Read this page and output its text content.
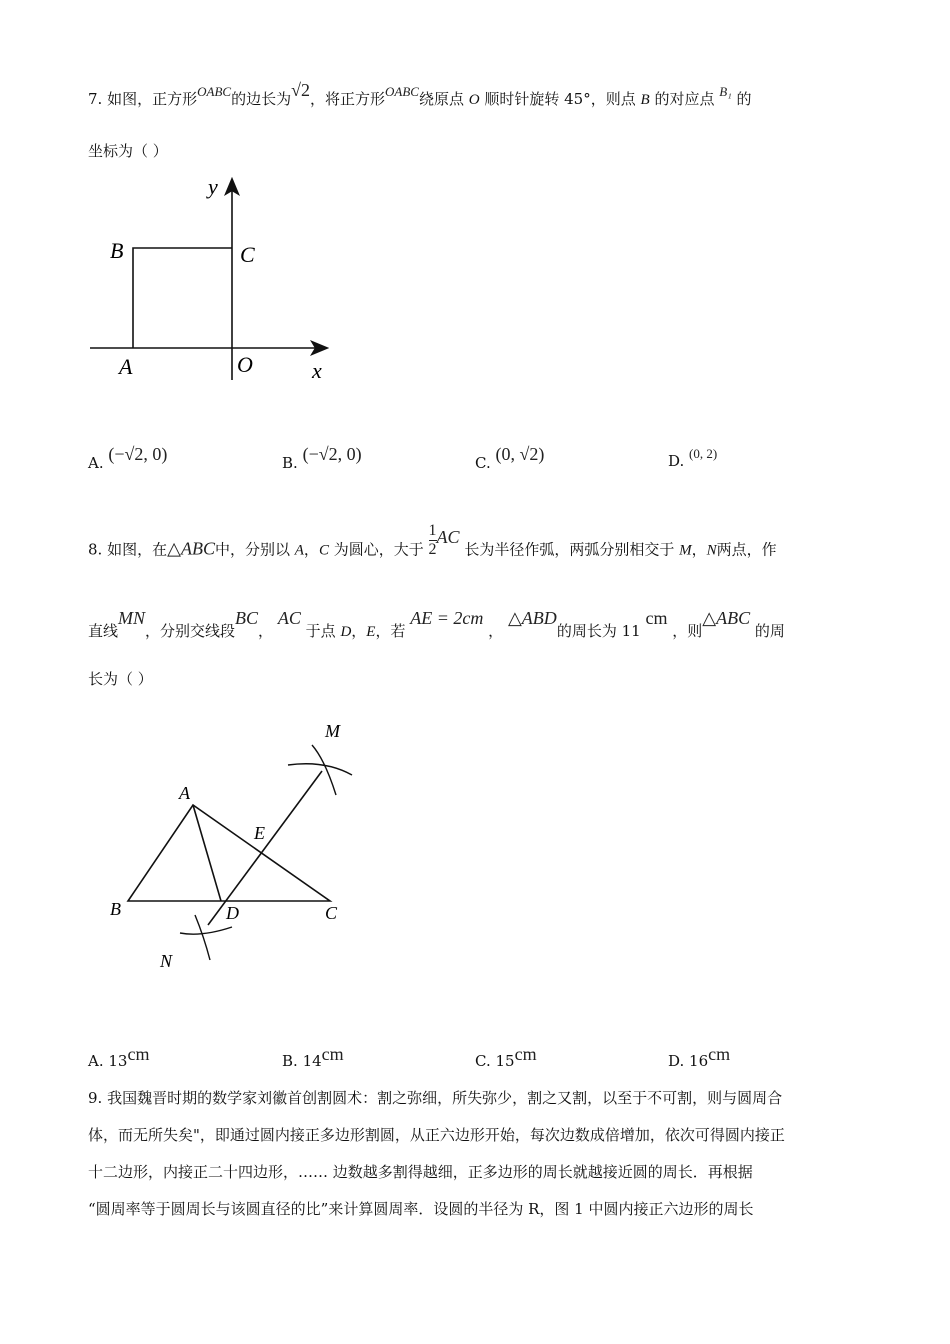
7. 如图，正方形OABC的边长为√2，将正方形OABC绕原点 O 顺时针旋转 45°，则点 B 的对应点 B₁ 的
坐标为（ ）
y
x
B	C
A	O
A. (−√2, 0)	B. (−√2, 0)	C. (0, √2)	D. (0, 2)
8. 如图，在△ABC中，分别以 A，C 为圆心，大于 $\frac{1}{2}$ AC 长为半径作弧，两弧分别相交于 M，N两点，作
直线MN，分别交线段BC， AC 于点 D，E，若 AE = 2cm ， △ABD的周长为 11 cm ，则△ABC 的周
长为（ ）
M
A
E
B	D	C
N
A. 13cm	B. 14cm	C. 15cm	D. 16cm
9. 我国魏晋时期的数学家刘徽首创割圆术：割之弥细，所失弥少，割之又割，以至于不可割，则与圆周合
体，而无所失矣"，即通过圆内接正多边形割圆，从正六边形开始，每次边数成倍增加，依次可得圆内接正
十二边形，内接正二十四边形，…… 边数越多割得越细，正多边形的周长就越接近圆的周长．再根据
“圆周率等于圆周长与该圆直径的比”来计算圆周率．设圆的半径为 R，图 1 中圆内接正六边形的周长
